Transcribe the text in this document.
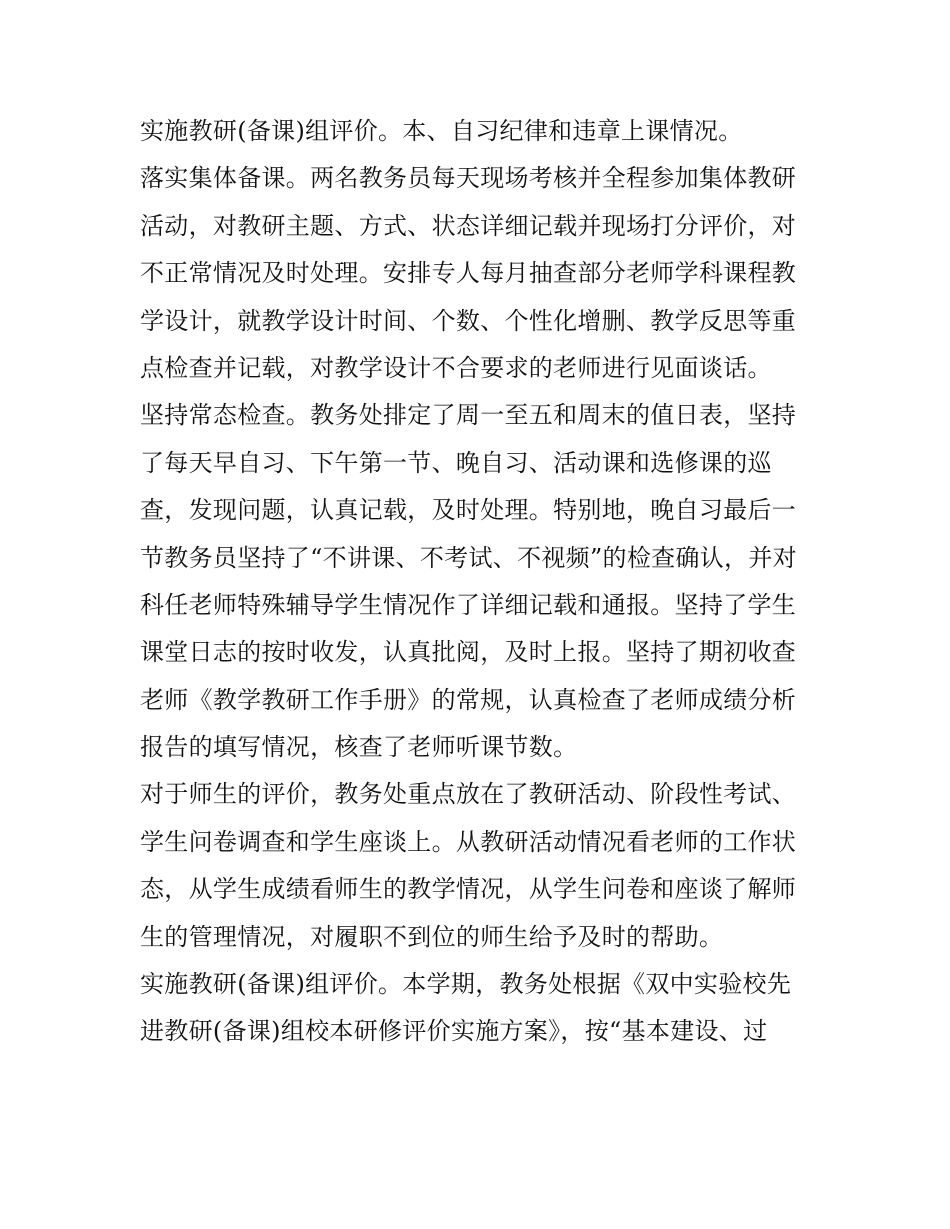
实施教研(备课)组评价。本、自习纪律和违章上课情况。
落实集体备课。两名教务员每天现场考核并全程参加集体教研
活动，对教研主题、方式、状态详细记载并现场打分评价，对
不正常情况及时处理。安排专人每月抽查部分老师学科课程教
学设计，就教学设计时间、个数、个性化增删、教学反思等重
点检查并记载，对教学设计不合要求的老师进行见面谈话。
坚持常态检查。教务处排定了周一至五和周末的值日表，坚持
了每天早自习、下午第一节、晚自习、活动课和选修课的巡
查，发现问题，认真记载，及时处理。特别地，晚自习最后一
节教务员坚持了“不讲课、不考试、不视频”的检查确认，并对
科任老师特殊辅导学生情况作了详细记载和通报。坚持了学生
课堂日志的按时收发，认真批阅，及时上报。坚持了期初收查
老师《教学教研工作手册》的常规，认真检查了老师成绩分析
报告的填写情况，核查了老师听课节数。
对于师生的评价，教务处重点放在了教研活动、阶段性考试、
学生问卷调查和学生座谈上。从教研活动情况看老师的工作状
态，从学生成绩看师生的教学情况，从学生问卷和座谈了解师
生的管理情况，对履职不到位的师生给予及时的帮助。
实施教研(备课)组评价。本学期，教务处根据《双中实验校先
进教研(备课)组校本研修评价实施方案》，按“基本建设、过
